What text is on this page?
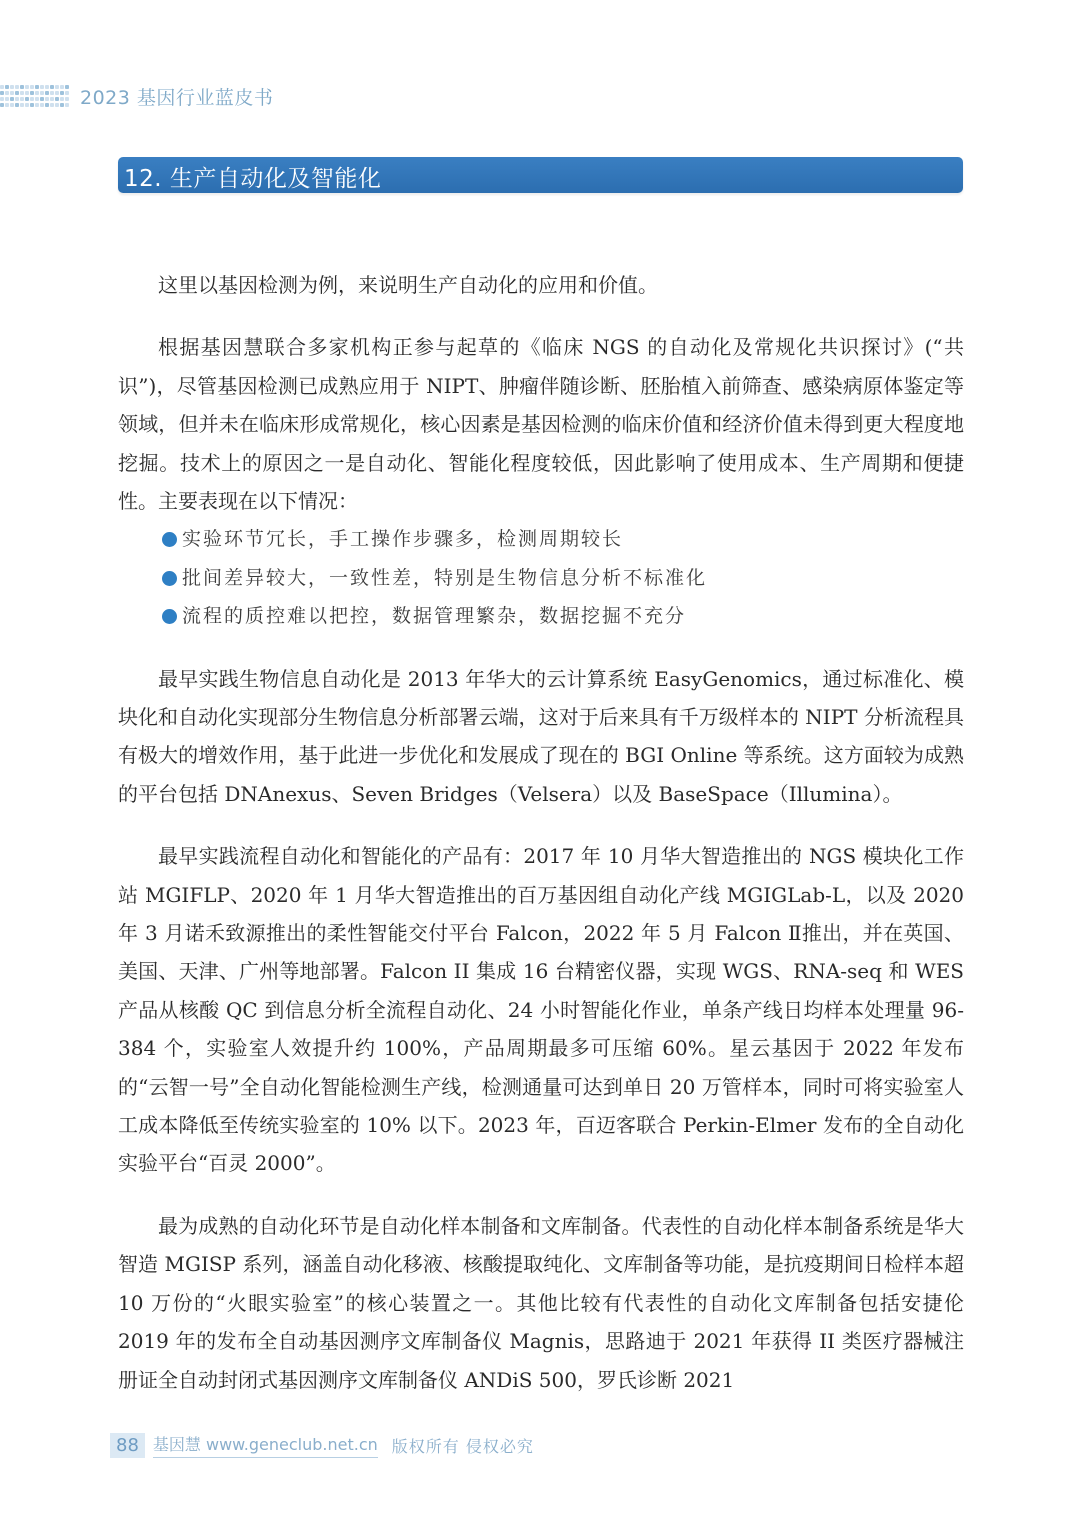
2023 基因行业蓝皮书
12. 生产自动化及智能化

这里以基因检测为例，来说明生产自动化的应用和价值。

根据基因慧联合多家机构正参与起草的《临床 NGS 的自动化及常规化共识探讨》(“共识”)，尽管基因检测已成熟应用于 NIPT、肿瘤伴随诊断、胚胎植入前筛查、感染病原体鉴定等领域，但并未在临床形成常规化，核心因素是基因检测的临床价值和经济价值未得到更大程度地挖掘。技术上的原因之一是自动化、智能化程度较低，因此影响了使用成本、生产周期和便捷性。主要表现在以下情况：

实验环节冗长，手工操作步骤多，检测周期较长
批间差异较大，一致性差，特别是生物信息分析不标准化
流程的质控难以把控，数据管理繁杂，数据挖掘不充分

最早实践生物信息自动化是 2013 年华大的云计算系统 EasyGenomics，通过标准化、模块化和自动化实现部分生物信息分析部署云端，这对于后来具有千万级样本的 NIPT 分析流程具有极大的增效作用，基于此进一步优化和发展成了现在的 BGI Online 等系统。这方面较为成熟的平台包括 DNAnexus、Seven Bridges（Velsera）以及 BaseSpace（Illumina）。

最早实践流程自动化和智能化的产品有：2017 年 10 月华大智造推出的 NGS 模块化工作站 MGIFLP、2020 年 1 月华大智造推出的百万基因组自动化产线 MGIGLab-L，以及 2020 年 3 月诺禾致源推出的柔性智能交付平台 Falcon，2022 年 5 月 Falcon Ⅱ推出，并在英国、美国、天津、广州等地部署。Falcon II 集成 16 台精密仪器，实现 WGS、RNA-seq 和 WES 产品从核酸 QC 到信息分析全流程自动化、24 小时智能化作业，单条产线日均样本处理量 96-384 个，实验室人效提升约 100%，产品周期最多可压缩 60%。星云基因于 2022 年发布的“云智一号”全自动化智能检测生产线，检测通量可达到单日 20 万管样本，同时可将实验室人工成本降低至传统实验室的 10% 以下。2023 年，百迈客联合 Perkin-Elmer 发布的全自动化实验平台“百灵 2000”。

最为成熟的自动化环节是自动化样本制备和文库制备。代表性的自动化样本制备系统是华大智造 MGISP 系列，涵盖自动化移液、核酸提取纯化、文库制备等功能，是抗疫期间日检样本超 10 万份的“火眼实验室”的核心装置之一。其他比较有代表性的自动化文库制备包括安捷伦 2019 年的发布全自动基因测序文库制备仪 Magnis，思路迪于 2021 年获得 II 类医疗器械注册证全自动封闭式基因测序文库制备仪 ANDiS 500，罗氏诊断 2021

88 基因慧 www.geneclub.net.cn 版权所有 侵权必究
